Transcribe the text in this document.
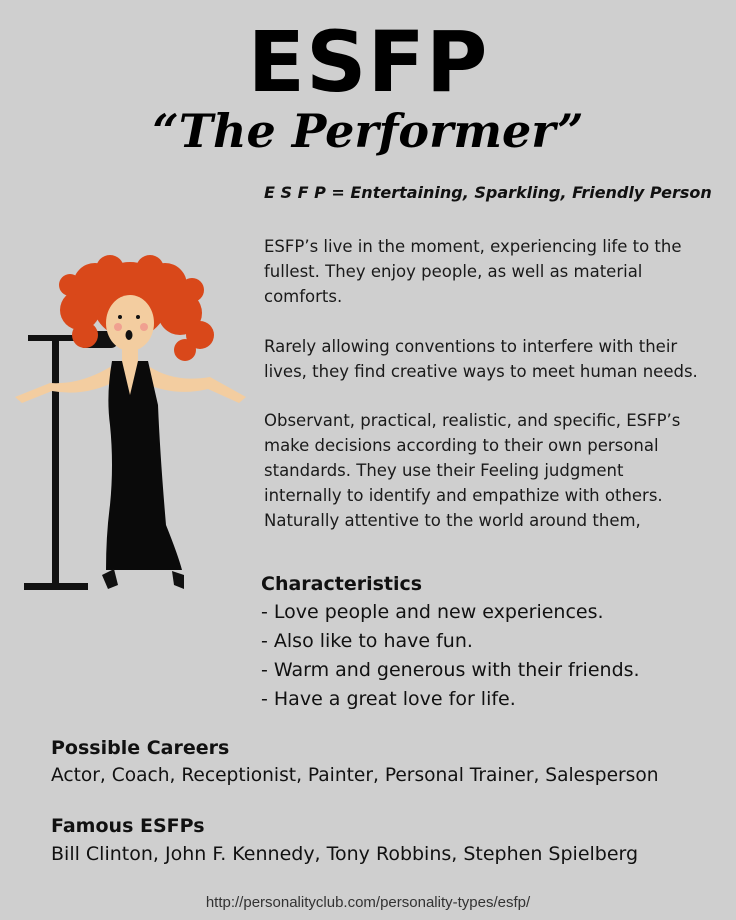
ESFP
“The Performer”
E S F P = Entertaining, Sparkling, Friendly Person
ESFP’s live in the moment, experiencing life to the fullest. They enjoy people, as well as material comforts.
Rarely allowing conventions to interfere with their lives, they find creative ways to meet human needs.
Observant, practical, realistic, and specific, ESFP’s make decisions according to their own personal standards. They use their Feeling judgment internally to identify and empathize with others. Naturally attentive to the world around them,
Characteristics
- Love people and new experiences.
- Also like to have fun.
- Warm and generous with their friends.
- Have a great love for life.
Possible Careers
Actor, Coach, Receptionist, Painter, Personal Trainer, Salesperson
Famous ESFPs
Bill Clinton, John F. Kennedy, Tony Robbins, Stephen Spielberg
http://personalityclub.com/personality-types/esfp/
